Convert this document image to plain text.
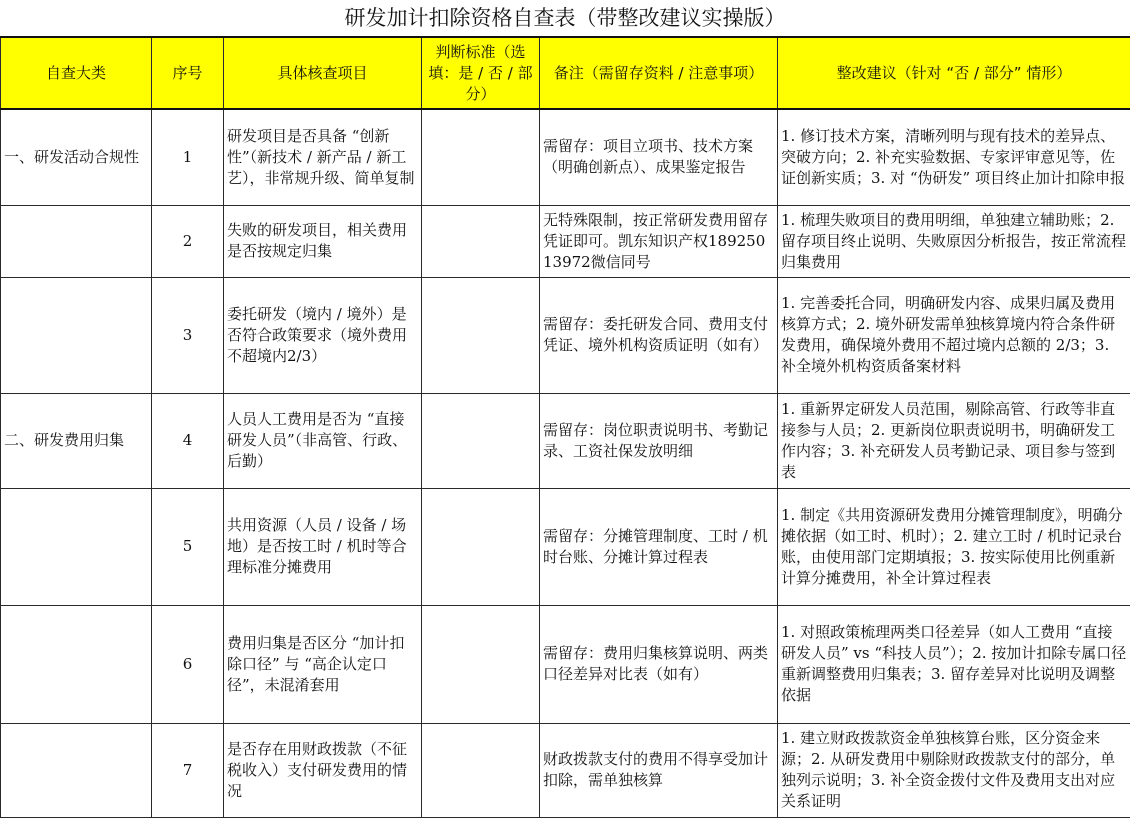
研发加计扣除资格自查表（带整改建议实操版）
自查大类	序号	具体核查项目	判断标准（选填：是 / 否 / 部分）	备注（需留存资料 / 注意事项）	整改建议（针对 “否 / 部分” 情形）
一、研发活动合规性	1	研发项目是否具备 “创新性”（新技术 / 新产品 / 新工艺），非常规升级、简单复制		需留存：项目立项书、技术方案（明确创新点）、成果鉴定报告	1. 修订技术方案，清晰列明与现有技术的差异点、突破方向；2. 补充实验数据、专家评审意见等，佐证创新实质；3. 对 “伪研发” 项目终止加计扣除申报
	2	失败的研发项目，相关费用是否按规定归集		无特殊限制，按正常研发费用留存凭证即可。凯东知识产权18925013972微信同号	1. 梳理失败项目的费用明细，单独建立辅助账；2. 留存项目终止说明、失败原因分析报告，按正常流程归集费用
	3	委托研发（境内 / 境外）是否符合政策要求（境外费用不超境内2/3）		需留存：委托研发合同、费用支付凭证、境外机构资质证明（如有）	1. 完善委托合同，明确研发内容、成果归属及费用核算方式；2. 境外研发需单独核算境内符合条件研发费用，确保境外费用不超过境内总额的 2/3；3. 补全境外机构资质备案材料
二、研发费用归集	4	人员人工费用是否为 “直接研发人员”（非高管、行政、后勤）		需留存：岗位职责说明书、考勤记录、工资社保发放明细	1. 重新界定研发人员范围，剔除高管、行政等非直接参与人员；2. 更新岗位职责说明书，明确研发工作内容；3. 补充研发人员考勤记录、项目参与签到表
	5	共用资源（人员 / 设备 / 场地）是否按工时 / 机时等合理标准分摊费用		需留存：分摊管理制度、工时 / 机时台账、分摊计算过程表	1. 制定《共用资源研发费用分摊管理制度》，明确分摊依据（如工时、机时）；2. 建立工时 / 机时记录台账，由使用部门定期填报；3. 按实际使用比例重新计算分摊费用，补全计算过程表
	6	费用归集是否区分 “加计扣除口径” 与 “高企认定口径”，未混淆套用		需留存：费用归集核算说明、两类口径差异对比表（如有）	1. 对照政策梳理两类口径差异（如人工费用 “直接研发人员” vs “科技人员”）；2. 按加计扣除专属口径重新调整费用归集表；3. 留存差异对比说明及调整依据
	7	是否存在用财政拨款（不征税收入）支付研发费用的情况		财政拨款支付的费用不得享受加计扣除，需单独核算	1. 建立财政拨款资金单独核算台账，区分资金来源；2. 从研发费用中剔除财政拨款支付的部分，单独列示说明；3. 补全资金拨付文件及费用支出对应关系证明
